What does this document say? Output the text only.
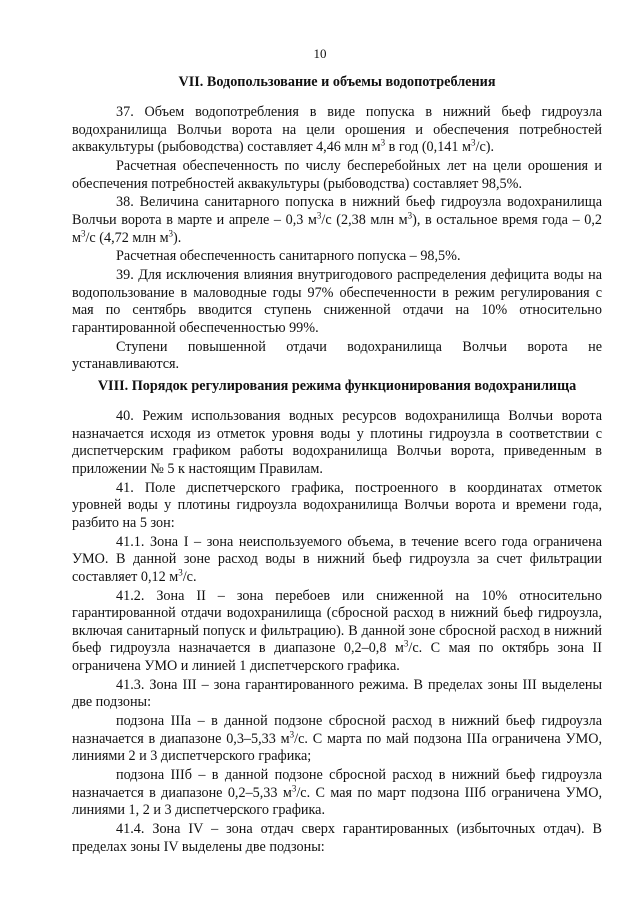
10
VII. Водопользование и объемы водопотребления

37. Объем водопотребления в виде попуска в нижний бьеф гидроузла водохранилища Волчьи ворота на цели орошения и обеспечения потребностей аквакультуры (рыбоводства) составляет 4,46 млн $м^3$ в год (0,141 $м^3/с$).

Расчетная обеспеченность по числу бесперебойных лет на цели орошения и обеспечения потребностей аквакультуры (рыбоводства) составляет 98,5%.

38. Величина санитарного попуска в нижний бьеф гидроузла водохранилища Волчьи ворота в марте и апреле – 0,3 $м^3/с$ (2,38 млн $м^3$), в остальное время года – 0,2 $м^3/с$ (4,72 млн $м^3$).

Расчетная обеспеченность санитарного попуска – 98,5%.

39. Для исключения влияния внутригодового распределения дефицита воды на водопользование в маловодные годы 97% обеспеченности в режим регулирования с мая по сентябрь вводится ступень сниженной отдачи на 10% относительно гарантированной обеспеченностью 99%.

Ступени повышенной отдачи водохранилища Волчьи ворота не устанавливаются.

VIII. Порядок регулирования режима функционирования водохранилища

40. Режим использования водных ресурсов водохранилища Волчьи ворота назначается исходя из отметок уровня воды у плотины гидроузла в соответствии с диспетчерским графиком работы водохранилища Волчьи ворота, приведенным в приложении № 5 к настоящим Правилам.

41. Поле диспетчерского графика, построенного в координатах отметок уровней воды у плотины гидроузла водохранилища Волчьи ворота и времени года, разбито на 5 зон:

41.1. Зона I – зона неиспользуемого объема, в течение всего года ограничена УМО. В данной зоне расход воды в нижний бьеф гидроузла за счет фильтрации составляет 0,12 $м^3/с$.

41.2. Зона II – зона перебоев или сниженной на 10% относительно гарантированной отдачи водохранилища (сбросной расход в нижний бьеф гидроузла, включая санитарный попуск и фильтрацию). В данной зоне сбросной расход в нижний бьеф гидроузла назначается в диапазоне 0,2–0,8 $м^3/с$. С мая по октябрь зона II ограничена УМО и линией 1 диспетчерского графика.

41.3. Зона III – зона гарантированного режима. В пределах зоны III выделены две подзоны:

подзона IIIа – в данной подзоне сбросной расход в нижний бьеф гидроузла назначается в диапазоне 0,3–5,33 $м^3/с$. С марта по май подзона IIIа ограничена УМО, линиями 2 и 3 диспетчерского графика;

подзона IIIб – в данной подзоне сбросной расход в нижний бьеф гидроузла назначается в диапазоне 0,2–5,33 $м^3/с$. С мая по март подзона IIIб ограничена УМО, линиями 1, 2 и 3 диспетчерского графика.

41.4. Зона IV – зона отдач сверх гарантированных (избыточных отдач). В пределах зоны IV выделены две подзоны:
